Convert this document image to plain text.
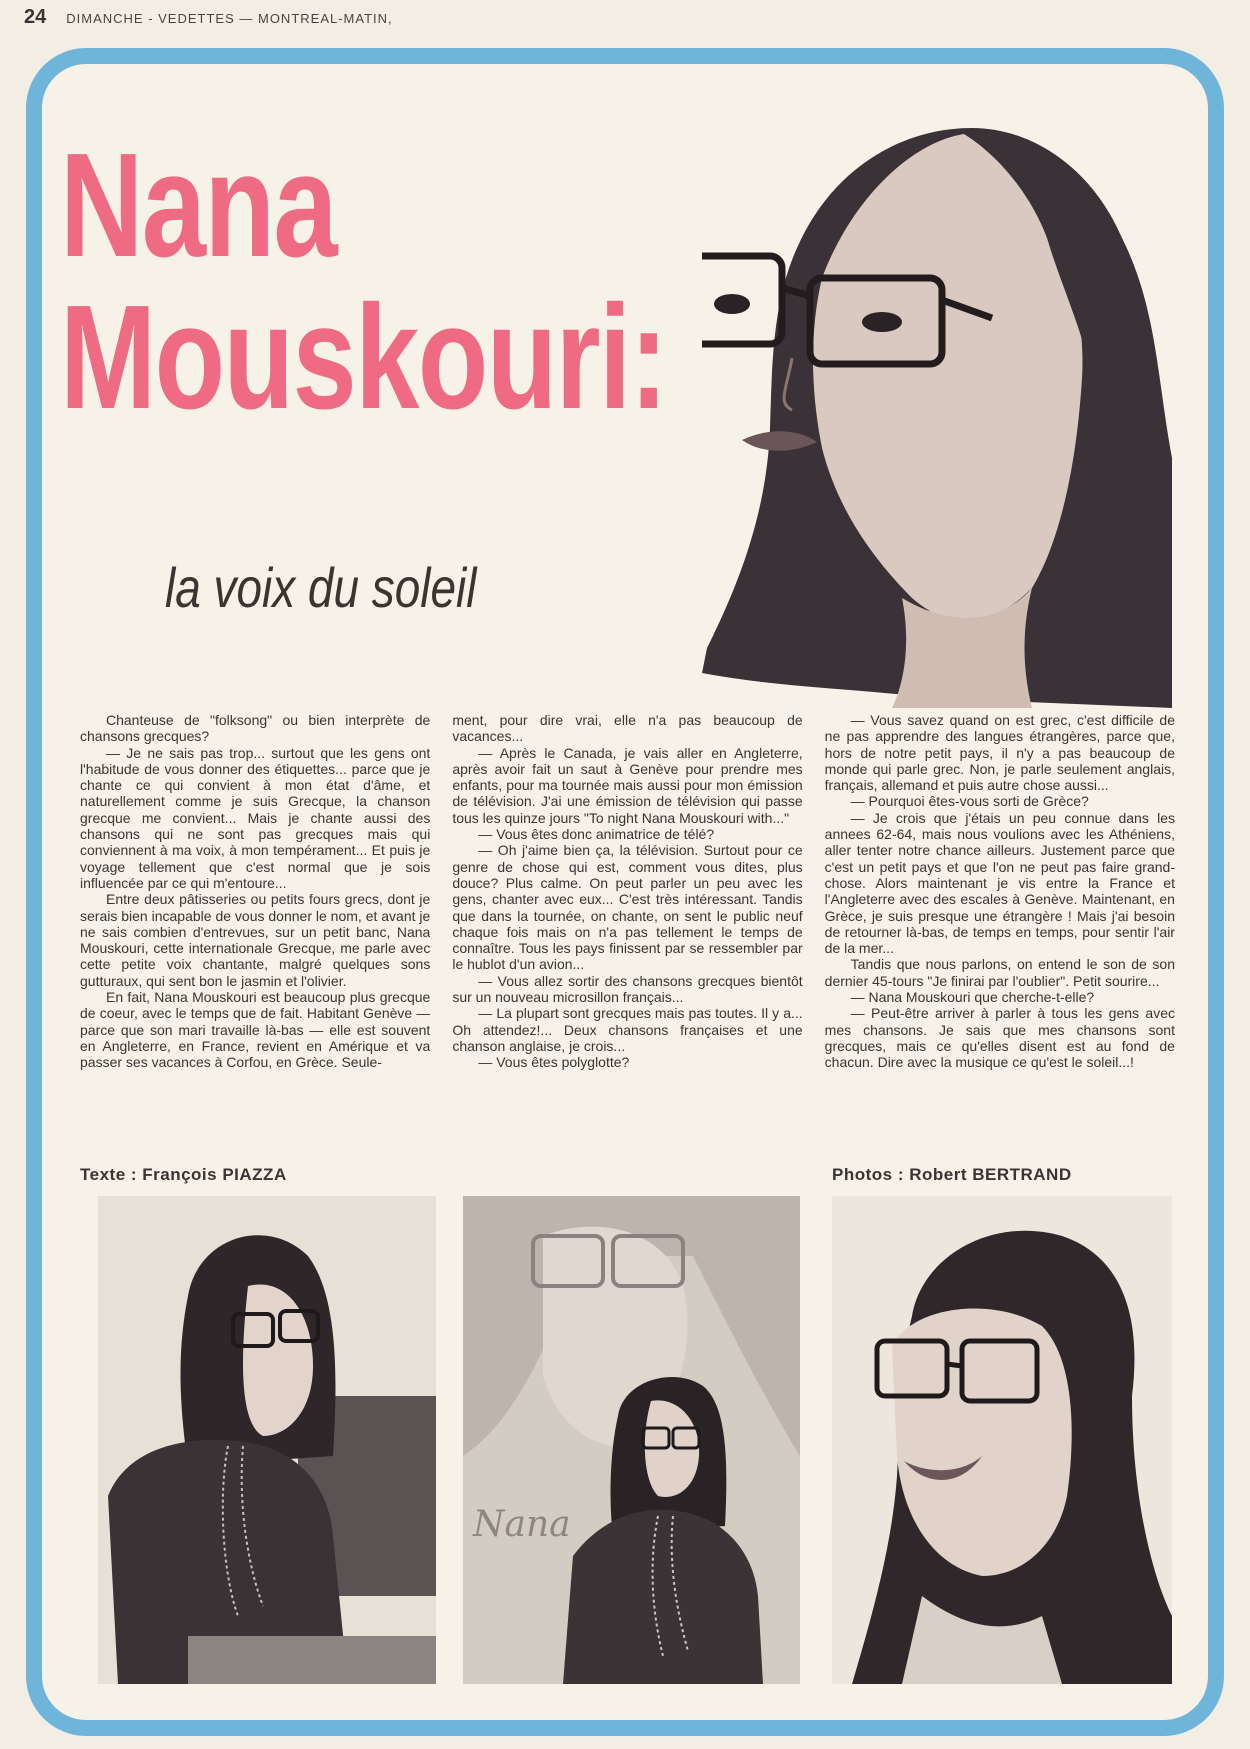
24 DIMANCHE - VEDETTES — MONTREAL-MATIN,
Nana
Mouskouri:
la voix du soleil

Chanteuse de "folksong" ou bien interprète de chansons grecques?

— Je ne sais pas trop... surtout que les gens ont l'habitude de vous donner des étiquettes... parce que je chante ce qui convient à mon état d'âme, et naturellement comme je suis Grecque, la chanson grecque me convient... Mais je chante aussi des chansons qui ne sont pas grecques mais qui conviennent à ma voix, à mon tempérament... Et puis je voyage tellement que c'est normal que je sois influencée par ce qui m'entoure...

Entre deux pâtisseries ou petits fours grecs, dont je serais bien incapable de vous donner le nom, et avant je ne sais combien d'entrevues, sur un petit banc, Nana Mouskouri, cette internationale Grecque, me parle avec cette petite voix chantante, malgré quelques sons gutturaux, qui sent bon le jasmin et l'olivier.

En fait, Nana Mouskouri est beaucoup plus grecque de coeur, avec le temps que de fait. Habitant Genève — parce que son mari travaille là-bas — elle est souvent en Angleterre, en France, revient en Amérique et va passer ses vacances à Corfou, en Grèce. Seule-

ment, pour dire vrai, elle n'a pas beaucoup de vacances...

— Après le Canada, je vais aller en Angleterre, après avoir fait un saut à Genève pour prendre mes enfants, pour ma tournée mais aussi pour mon émission de télévision. J'ai une émission de télévision qui passe tous les quinze jours "To night Nana Mouskouri with..."

— Vous êtes donc animatrice de télé?

— Oh j'aime bien ça, la télévision. Surtout pour ce genre de chose qui est, comment vous dites, plus douce? Plus calme. On peut parler un peu avec les gens, chanter avec eux... C'est très intéressant. Tandis que dans la tournée, on chante, on sent le public neuf chaque fois mais on n'a pas tellement le temps de connaître. Tous les pays finissent par se ressembler par le hublot d'un avion...

— Vous allez sortir des chansons grecques bientôt sur un nouveau microsillon français...

— La plupart sont grecques mais pas toutes. Il y a... Oh attendez!... Deux chansons françaises et une chanson anglaise, je crois...

— Vous êtes polyglotte?

— Vous savez quand on est grec, c'est difficile de ne pas apprendre des langues étrangères, parce que, hors de notre petit pays, il n'y a pas beaucoup de monde qui parle grec. Non, je parle seulement anglais, français, allemand et puis autre chose aussi...

— Pourquoi êtes-vous sorti de Grèce?

— Je crois que j'étais un peu connue dans les annees 62-64, mais nous voulions avec les Athéniens, aller tenter notre chance ailleurs. Justement parce que c'est un petit pays et que l'on ne peut pas faire grand-chose. Alors maintenant je vis entre la France et l'Angleterre avec des escales à Genève. Maintenant, en Grèce, je suis presque une étrangère ! Mais j'ai besoin de retourner là-bas, de temps en temps, pour sentir l'air de la mer...

Tandis que nous parlons, on entend le son de son dernier 45-tours "Je finirai par l'oublier". Petit sourire...

— Nana Mouskouri que cherche-t-elle?

— Peut-être arriver à parler à tous les gens avec mes chansons. Je sais que mes chansons sont grecques, mais ce qu'elles disent est au fond de chacun. Dire avec la musique ce qu'est le soleil...!

Texte : François PIAZZA	Photos : Robert BERTRAND
Nana
